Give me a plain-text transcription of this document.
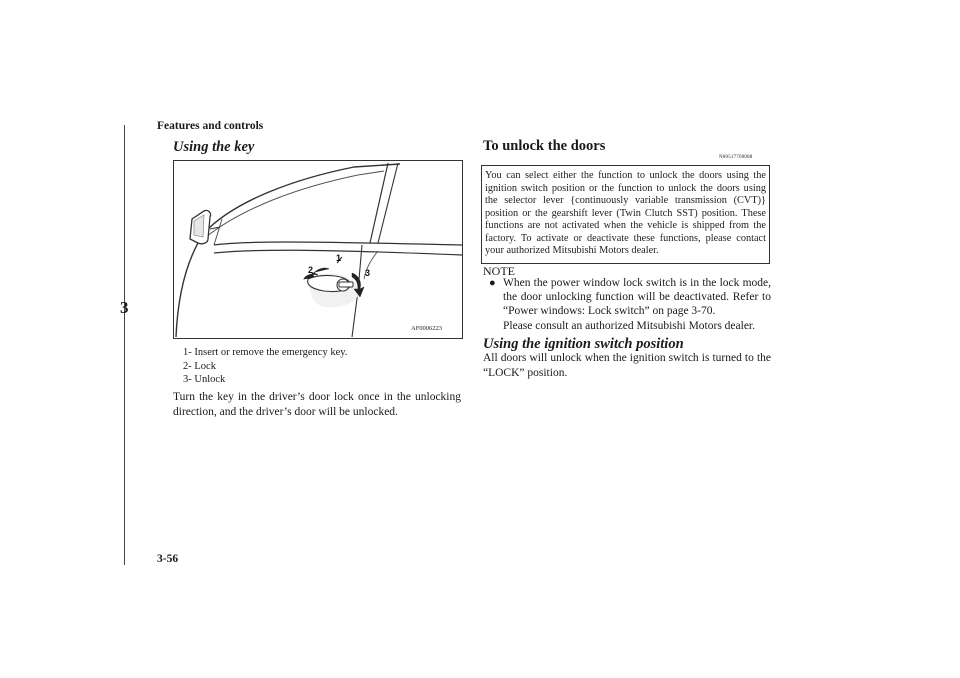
Features and controls
3
Using the key
1
2	3
AF0006223
1- Insert or remove the emergency key.
2- Lock
3- Unlock
Turn the key in the driver’s door lock once in the unlocking direction, and the driver’s door will be unlocked.
To unlock the doors
N00517700088
You can select either the function to unlock the doors using the ignition switch position or the function to unlock the doors using the selector lever {continuously variable transmission (CVT)} position or the gearshift lever (Twin Clutch SST) position. These functions are not activated when the vehicle is shipped from the factory. To activate or deactivate these functions, please contact your authorized Mitsubishi Motors dealer.
NOTE
● When the power window lock switch is in the lock mode, the door unlocking function will be deactivated. Refer to “Power windows: Lock switch” on page 3-70.
Please consult an authorized Mitsubishi Motors dealer.
Using the ignition switch position
All doors will unlock when the ignition switch is turned to the “LOCK” position.
3-56
